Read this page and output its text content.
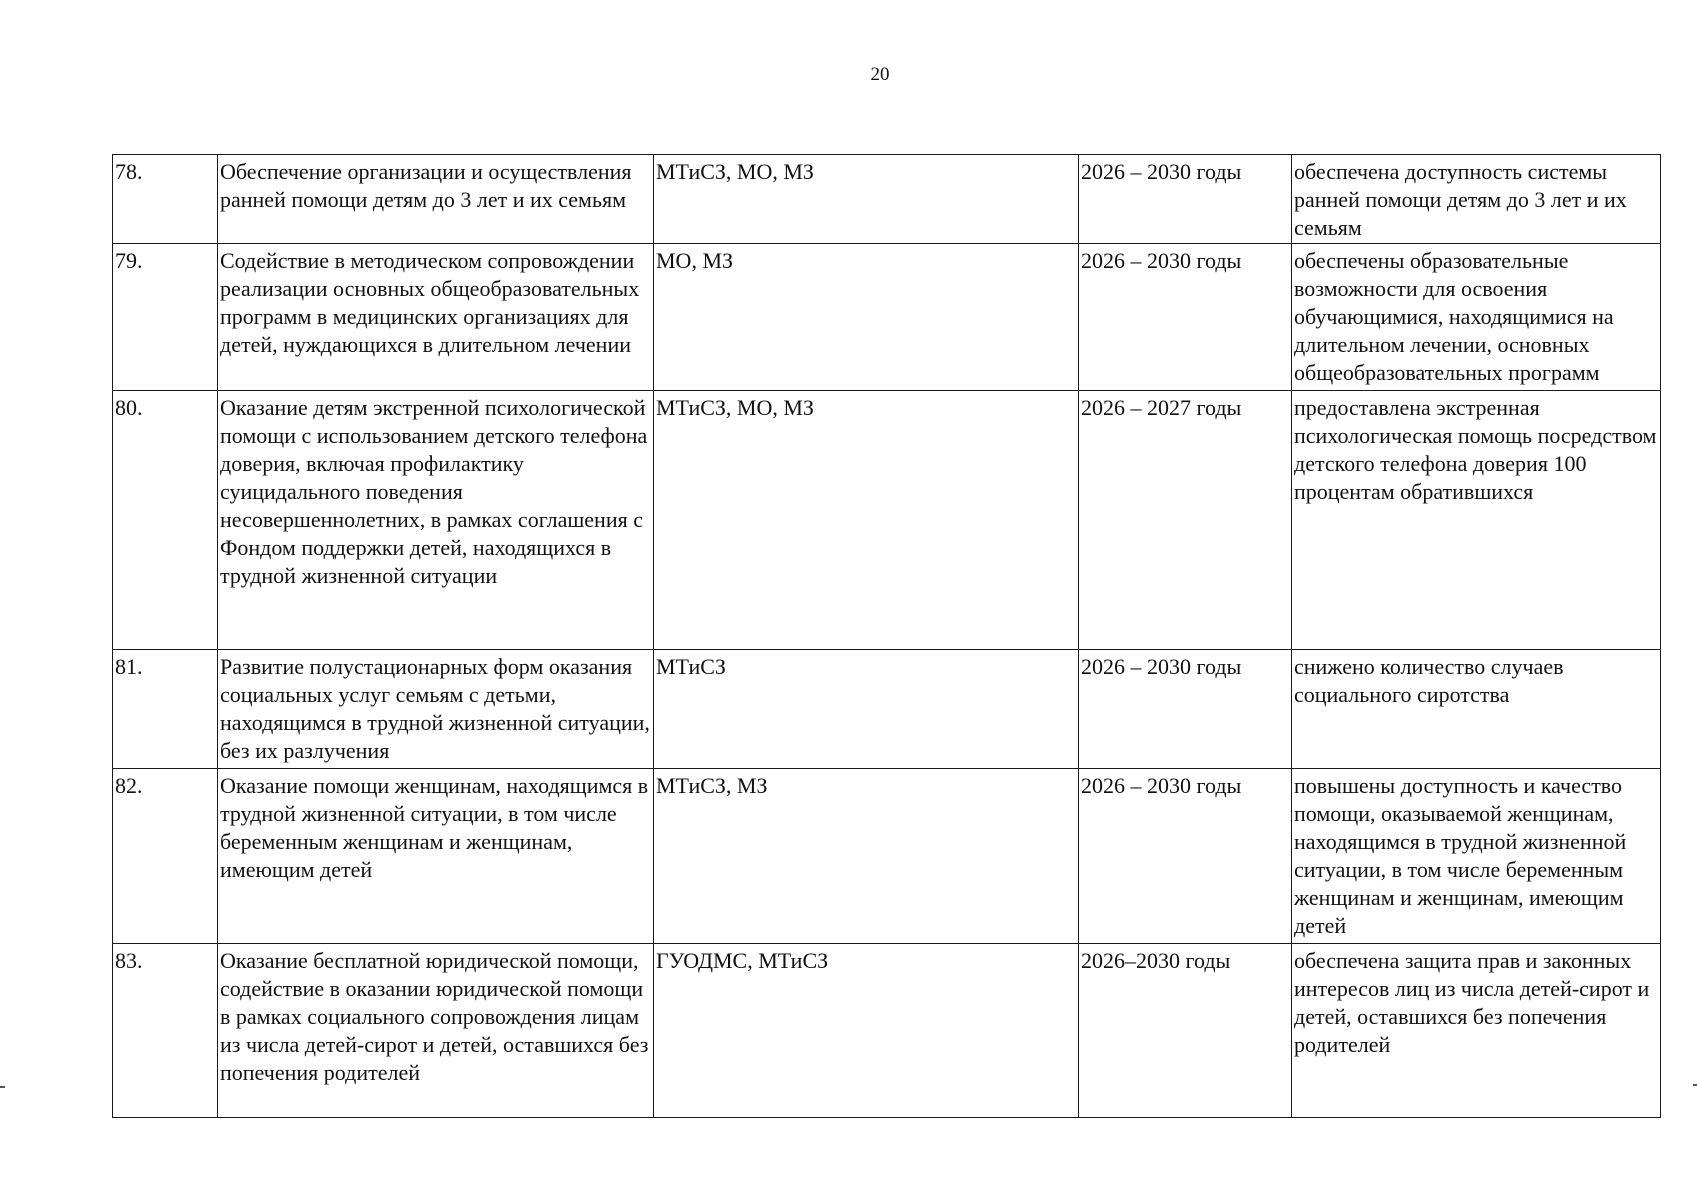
20
78.	Обеспечение организации и осуществления ранней помощи детям до 3 лет и их семьям	МТиСЗ, МО, МЗ	2026 – 2030 годы	обеспечена доступность системы ранней помощи детям до 3 лет и их семьям
79.	Содействие в методическом сопровождении реализации основных общеобразовательных программ в медицинских организациях для детей, нуждающихся в длительном лечении	МО, МЗ	2026 – 2030 годы	обеспечены образовательные возможности для освоения обучающимися, находящимися на длительном лечении, основных общеобразовательных программ
80.	Оказание детям экстренной психологической помощи с использованием детского телефона доверия, включая профилактику суицидального поведения несовершеннолетних, в рамках соглашения с Фондом поддержки детей, находящихся в трудной жизненной ситуации	МТиСЗ, МО, МЗ	2026 – 2027 годы	предоставлена экстренная психологическая помощь посредством детского телефона доверия 100 процентам обратившихся
81.	Развитие полустационарных форм оказания социальных услуг семьям с детьми, находящимся в трудной жизненной ситуации, без их разлучения	МТиСЗ	2026 – 2030 годы	снижено количество случаев социального сиротства
82.	Оказание помощи женщинам, находящимся в трудной жизненной ситуации, в том числе беременным женщинам и женщинам, имеющим детей	МТиСЗ, МЗ	2026 – 2030 годы	повышены доступность и качество помощи, оказываемой женщинам, находящимся в трудной жизненной ситуации, в том числе беременным женщинам и женщинам, имеющим детей
83.	Оказание бесплатной юридической помощи, содействие в оказании юридической помощи в рамках социального сопровождения лицам из числа детей-сирот и детей, оставшихся без попечения родителей	ГУОДМС, МТиСЗ	2026–2030 годы	обеспечена защита прав и законных интересов лиц из числа детей-сирот и детей, оставшихся без попечения родителей
